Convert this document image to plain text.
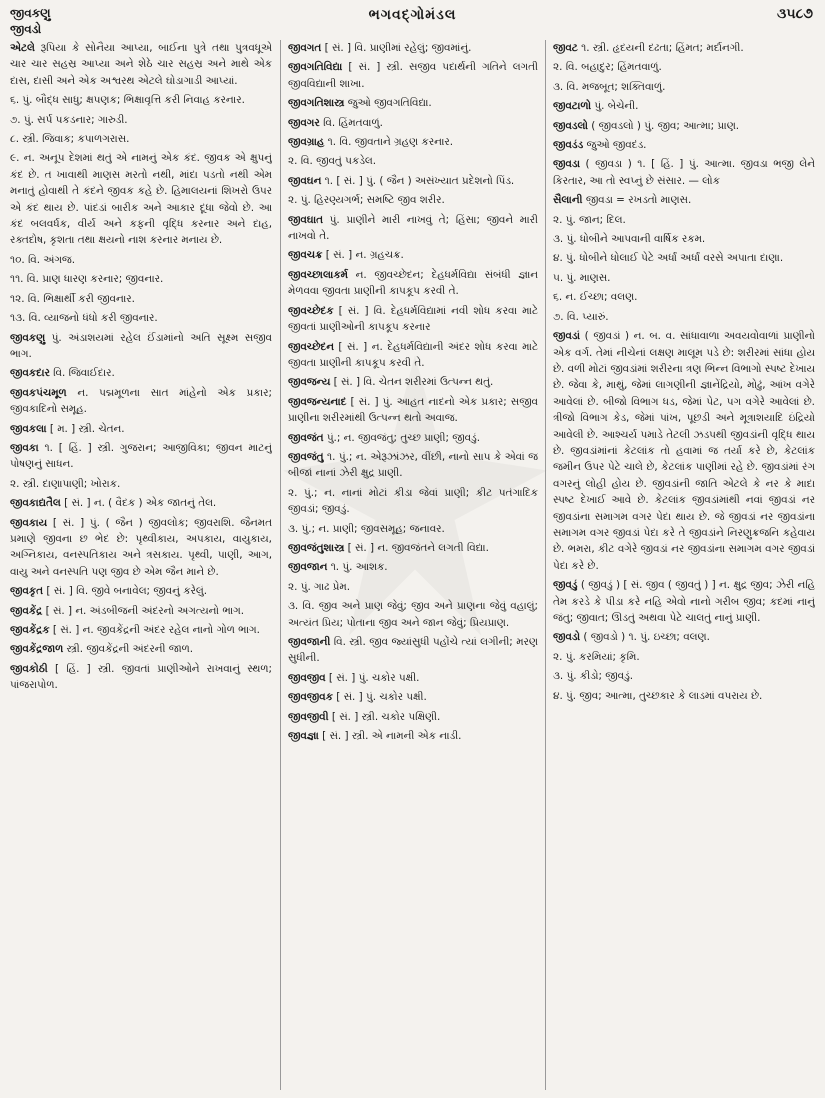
જીવકણુ
જીવડો
ભગવદ્ગોમંડલ	૩૫૮૭

એટલે રૂપિયા કે સોનૈયા આપ્યા, બાઈના પુત્રે તથા પુત્રવધૂએ ચાર ચાર સહસ્ર આપ્યા અને શેઠે ચાર સહસ્ર અને માથે એક દાસ, દાસી અને એક અશ્વરથ એટલે ઘોડાગાડી આપ્યાં.

૬. પું. બૌદ્ધ સાધુ; ક્ષપણક; ભિક્ષાવૃત્તિ કરી નિવાહ કરનાર.

૭. પું. સર્પ પકડનાર; ગારુડી.

૮. સ્ત્રી. જિવાક; કપાળગરાસ.

૯. ન. અનૂપ દેશમાં થતું એ નામનું એક કંદ. જીવક એ ક્ષુપનું કંદ છે. ત ખાવાથી માણસ મરતો નથી, માંદા પડતો નથી એમ મનાતું હોવાથી તે કંદને જીવક કહે છે. હિમાલયનાં શિખરો ઉપર એ કંદ થાય છે. પાંદડાં બારીક અને આકાર દૂધા જેવો છે. આ કંદ બલવર્ધક, વીર્ય અને કફની વૃદ્ધિ કરનાર અને દાહ, રક્તદોષ, કૃશતા તથા ક્ષયનો નાશ કરનાર મનાય છે.

૧૦. વિ. અંગજ.

૧૧. વિ. પ્રાણ ધારણ કરનાર; જીવનાર.

૧૨. વિ. ભિક્ષાર્થી કરી જીવનાર.

૧૩. વિ. વ્યાજનો ધંધો કરી જીવનાર.

જીવકણુ પું. અંડાશયમાં રહેલ ઈંડામાંનો અતિ સૂક્ષ્મ સજીવ ભાગ.

જીવકદાર વિ. જિવાઈદાર.

જીવકપંચમૂળ ન. પદ્મમૂળના સાત માંહેનો એક પ્રકાર; જીવકાદિનો સમૂહ.

જીવકલા [ મ. ] સ્ત્રી. ચેતન.

જીવકા ૧. [ હિં. ] સ્ત્રી. ગુજરાન; આજીવિકા; જીવન માટનું પોષણનું સાધન.

૨. સ્ત્રી. દાણાપાણી; ખોરાક.

જીવકાદ્યતૈલ [ સં. ] ન. ( વૈદક ) એક જાતનું તેલ.

જીવકાય [ સં. ] પું. ( જૈન ) જીવલોક; જીવરાશિ. જૈનમત પ્રમાણે જીવના છ ભેદ છે: પૃથ્વીકાય, અપકાય, વાયુકાય, અગ્નિકાય, વનસ્પતિકાય અને ત્રસકાય. પૃથ્વી, પાણી, આગ, વાયુ અને વનસ્પતિ પણ જીવ છે એમ જૈન માને છે.

જીવકૃત [ સં. ] વિ. જીવે બનાવેલ; જીવનું કરેલું.

જીવકેંદ્ર [ સં. ] ન. અંડબીજની અંદરનો અગત્યનો ભાગ.

જીવકેંદ્રક [ સં. ] ન. જીવકેંદ્રની અંદર રહેલ નાનો ગોળ ભાગ.

જીવકેંદ્રજાળ સ્ત્રી. જીવકેંદ્રની અંદરની જાળ.

જીવકોઠી [ હિં. ] સ્ત્રી. જીવતાં પ્રાણીઓને રાખવાનું સ્થળ; પાંજરાપોળ.

જીવગત [ સં. ] વિ. પ્રાણીમાં રહેલું; જીવમાંનું.

જીવગતિવિદ્યા [ સં. ] સ્ત્રી. સજીવ પદાર્થની ગતિને લગતી જીવવિદ્યાની શાખા.

જીવગતિશાસ્ત્ર જુઓ જીવગતિવિદ્યા.

જીવગર વિ. હિંમતવાળું.

જીવગ્રાહ ૧. વિ. જીવતાને ગ્રહણ કરનાર.

૨. વિ. જીવતું પકડેલ.

જીવઘન ૧. [ સં. ] પું. ( જૈન ) અસંખ્યાત પ્રદેશનો પિંડ.

૨. પું. હિરણ્યગર્ભ; સમષ્ટિ જીવ શરીર.

જીવઘાત પું. પ્રાણીને મારી નાખવું તે; હિંસા; જીવને મારી નાખવો તે.

જીવચક્ર [ સં. ] ન. ગ્રહચક્ર.

જીવચ્છાલાકર્મ ન. જીવચ્છેદન; દેહધર્મવિદ્યા સંબંધી જ્ઞાન મેળવવા જીવતા પ્રાણીની કાપકૂપ કરવી તે.

જીવચ્છેદક [ સં. ] વિ. દેહધર્મવિદ્યામાં નવી શોધ કરવા માટે જીવતાં પ્રાણીઓની કાપકૂપ કરનાર

જીવચ્છેદન [ સં. ] ન. દેહધર્મવિદ્યાની અંદર શોધ કરવા માટે જીવતા પ્રાણીની કાપકૂપ કરવી તે.

જીવજન્ય [ સં. ] વિ. ચેતન શરીરમાં ઉત્પન્ન થતું.

જીવજન્યનાદ [ સં. ] પું. આહત નાદનો એક પ્રકાર; સજીવ પ્રાણીના શરીરમાંથી ઉત્પન્ન થતો અવાજ.

જીવજંત પું.; ન. જીવજંતુ; તુચ્છ પ્રાણી; જીવડું.

જીવજંતુ ૧. પું.; ન. એરૂઝાંઝર, વીંછી, નાનો સાપ કે એવાં જ બીજાં નાનાં ઝેરી ક્ષુદ્ર પ્રાણી.

૨. પું.; ન. નાનાં મોટાં કીડા જેવાં પ્રાણી; કીટ પતંગાદિક જીવડાં; જીવડું.

૩. પું.; ન. પ્રાણી; જીવસમૂહ; જનાવર.

જીવજંતુશાસ્ત્ર [ સં. ] ન. જીવજંતને લગતી વિદ્યા.

જીવજાન ૧. પું. આશક.

૨. પું. ગાઢ પ્રેમ.

૩. વિ. જીવ અને પ્રાણ જેવું; જીવ અને પ્રાણના જેવું વહાલું; અત્યંત પ્રિય; પોતાના જીવ અને જાન જેવું; પ્રિયપ્રાણ.

જીવજાની વિ. સ્ત્રી. જીવ જ્યાંસુધી પહોંચે ત્યાં લગીની; મરણ સુધીની.

જીવજીવ [ સં. ] પું. ચકોર પક્ષી.

જીવજીવક [ સં. ] પું. ચકોર પક્ષી.

જીવજીવી [ સં. ] સ્ત્રી. ચકોર પક્ષિણી.

જીવજ્ઞા [ સં. ] સ્ત્રી. એ નામની એક નાડી.

જીવટ ૧. સ્ત્રી. હૃદયની દઢતા; હિંમત; મર્દાનગી.

૨. વિ. બહાદુર; હિંમતવાળું.

૩. વિ. મજબૂત; શક્તિવાળું.

જીવટાળો પું. બેચેની.

જીવડલો ( જીવડલો ) પું. જીવ; આત્મા; પ્રાણ.

જીવડંડ જુઓ જીવદંડ.

જીવડા ( જીવડા ) ૧. [ હિં. ] પું. આત્મા. જીવડા ભજી લેને કિરતાર, આ તો સ્વપ્નું છે સંસાર. — લોક

સૈલાની જીવડા = રખડતો માણસ.

૨. પું. જાન; દિલ.

૩. પું. ધોબીને આપવાની વાર્ષિક રકમ.

૪. પું. ધોબીને ધોલાઈ પેટે અર્ધાં અર્ધાં વરસે અપાતા દાણા.

૫. પું. માણસ.

૬. ન. ઈચ્છા; વલણ.

૭. વિ. પ્યારું.

જીવડાં ( જીવડાં ) ન. બ. વ. સાંધાવાળા અવયવોવાળાં પ્રાણીનો એક વર્ગ. તેમાં નીચેનાં લક્ષણ માલૂમ પડે છે: શરીરમાં સાંધા હોય છે. વળી મોટાં જીવડાંમાં શરીરના ત્રણ ભિન્ન વિભાગો સ્પષ્ટ દેખાય છે. જેવા કે, માથું, જેમાં લાગણીની જ્ઞાનેંદ્રિયો, મોઢું, આંખ વગેરે આવેલાં છે. બીજો વિભાગ ધડ, જેમાં પેટ, પગ વગેરે આવેલાં છે. ત્રીજો વિભાગ કેડ, જેમાં પાંખ, પૂછડી અને મૂત્રાશયાદિ ઇંદ્રિયો આવેલી છે. આશ્ચર્ય પમાડે તેટલી ઝડપથી જીવડાંની વૃદ્ધિ થાય છે. જીવડાંમાંનાં કેટલાંક તો હવામાં જ તર્યા કરે છે, કેટલાંક જમીન ઉપર પેટે ચાલે છે, કેટલાંક પાણીમાં રહે છે. જીવડાંમાં રંગ વગરનું લોહી હોય છે. જીવડાંની જાતિ એટલે કે નર કે માદા સ્પષ્ટ દેખાઈ આવે છે. કેટલાંક જીવડાંમાંથી નવાં જીવડાં નર જીવડાંના સમાગમ વગર પેદા થાય છે. જે જીવડાં નર જીવડાંના સમાગમ વગર જીવડાં પેદા કરે તે જીવડાંને નિરણુક્રજનિ કહેવાય છે. ભમરા, કીટ વગેરે જીવડાં નર જીવડાંના સમાગમ વગર જીવડાં પેદા કરે છે.

જીવડું ( જીવડું ) [ સં. જીવ ( જીવતું ) ] ન. ક્ષુદ્ર જીવ; ઝેરી નહિ તેમ કરડે કે પીડા કરે નહિ એવો નાનો ગરીબ જીવ; કદમાં નાનું જંતુ; જીવાત; ઊડતું અથવા પેટે ચાલતું નાનું પ્રાણી.

જીવડો ( જીવડો ) ૧. પું. ઇચ્છા; વલણ.

૨. પું. કરમિયાં; કૃમિ.

૩. પું. કીડો; જીવડું.

૪. પું. જીવ; આત્મા, તુચ્છકાર કે લાડમાં વપરાય છે.
